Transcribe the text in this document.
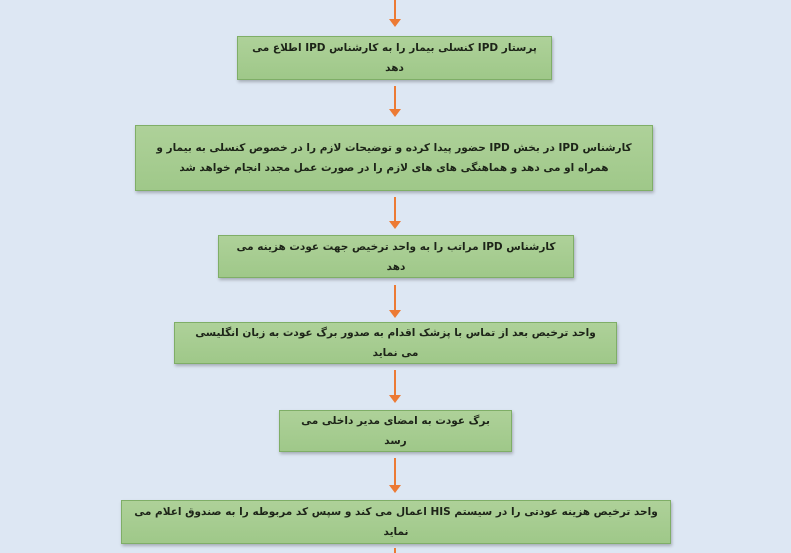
پرستار IPD کنسلی بیمار را به کارشناس IPD اطلاع می دهد
کارشناس IPD در بخش IPD حضور پیدا کرده و توضیحات لازم را در خصوص کنسلی به بیمار و همراه او می دهد و هماهنگی های های لازم را در صورت عمل مجدد انجام خواهد شد
کارشناس IPD مراتب را به واحد ترخیص جهت عودت هزینه می دهد
واحد ترخیص بعد از تماس با پزشک اقدام به صدور برگ عودت به زبان انگلیسی می نماید
برگ عودت به امضای مدیر داخلی می رسد
واحد ترخیص هزینه عودتی را در سیستم HIS اعمال می کند و سپس کد مربوطه را به صندوق اعلام می نماید
